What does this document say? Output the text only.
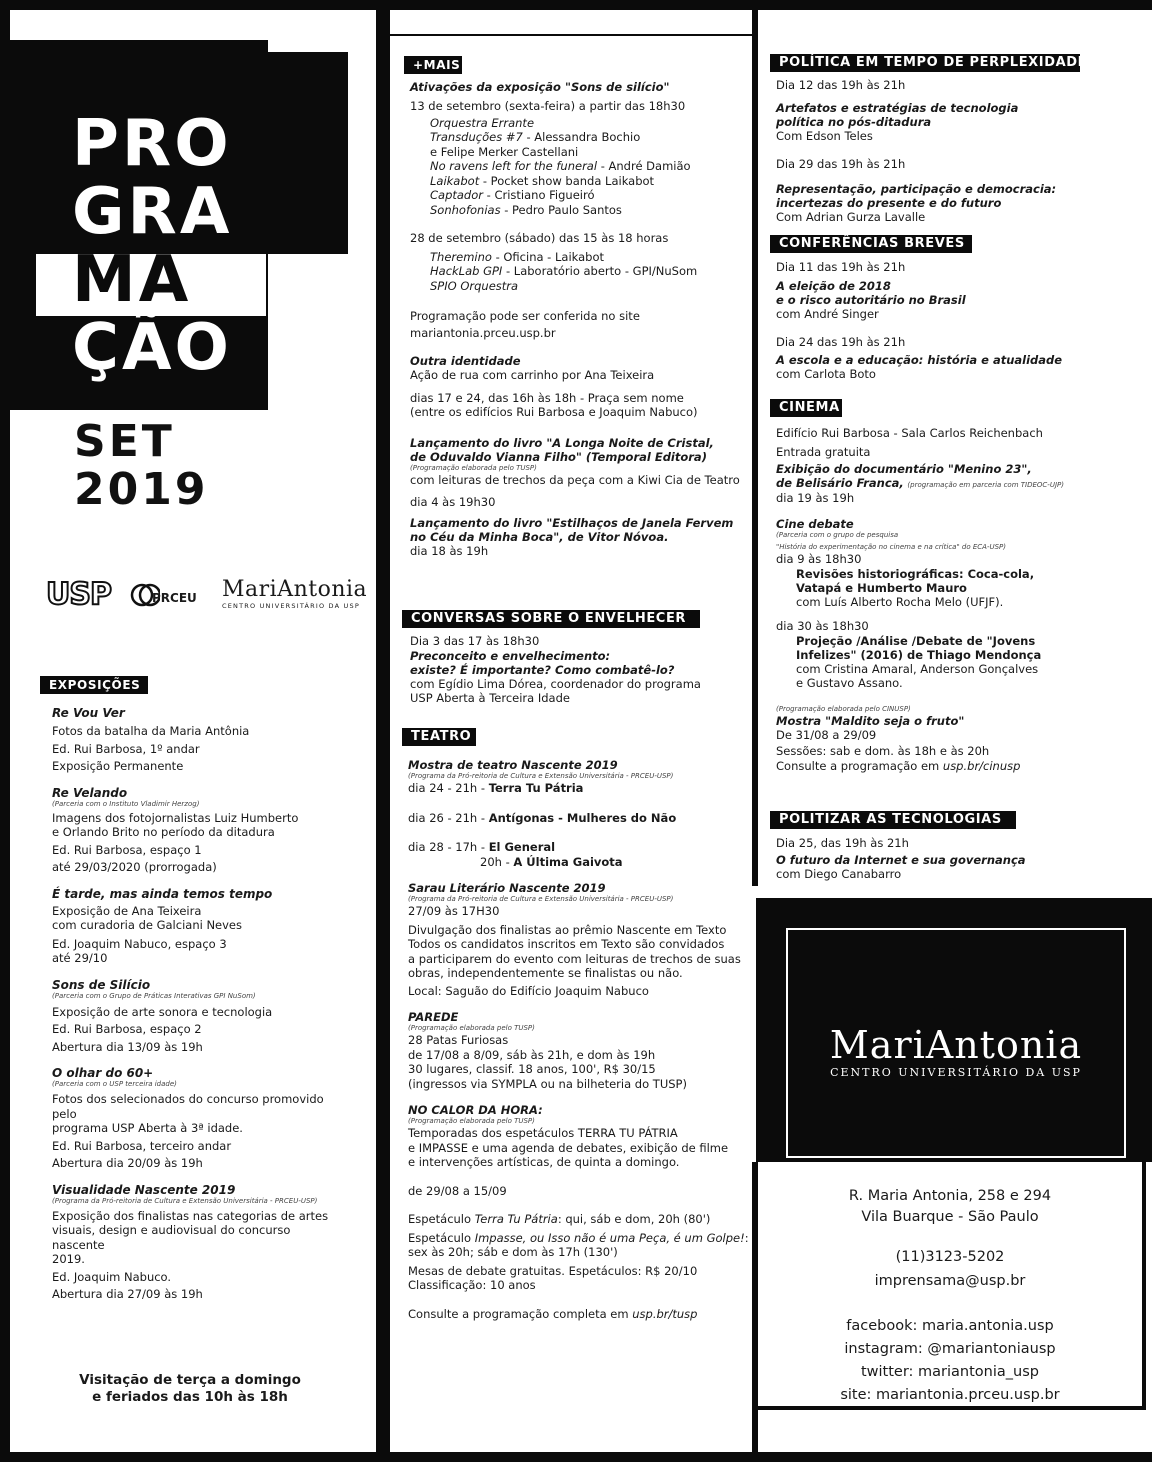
PRO
GRA
MA
ÇÃO
SET
2019
USP	PRCEU MariAntonia
CENTRO UNIVERSITÁRIO DA USP
EXPOSIÇÕES
Re Vou Ver
Fotos da batalha da Maria Antônia
Ed. Rui Barbosa, 1º andar
Exposição Permanente
Re Velando
(Parceria com o Instituto Vladimir Herzog)
Imagens dos fotojornalistas Luiz Humberto
e Orlando Brito no período da ditadura
Ed. Rui Barbosa, espaço 1
até 29/03/2020 (prorrogada)
É tarde, mas ainda temos tempo
Exposição de Ana Teixeira
com curadoria de Galciani Neves
Ed. Joaquim Nabuco, espaço 3
até 29/10
Sons de Silício
(Parceria com o Grupo de Práticas Interativas GPI NuSom)
Exposição de arte sonora e tecnologia
Ed. Rui Barbosa, espaço 2
Abertura dia 13/09 às 19h
O olhar do 60+
(Parceria com o USP terceira idade)
Fotos dos selecionados do concurso promovido pelo
programa USP Aberta à 3ª idade.
Ed. Rui Barbosa, terceiro andar
Abertura dia 20/09 às 19h
Visualidade Nascente 2019
(Programa da Pró-reitoria de Cultura e Extensão Universitária - PRCEU-USP)
Exposição dos finalistas nas categorias de artes
visuais, design e audiovisual do concurso nascente
2019.
Ed. Joaquim Nabuco.
Abertura dia 27/09 às 19h
Visitação de terça a domingo
e feriados das 10h às 18h
+MAIS
Ativações da exposição "Sons de silício"
13 de setembro (sexta-feira) a partir das 18h30
Orquestra Errante
Transduções #7 - Alessandra Bochio
e Felipe Merker Castellani
No ravens left for the funeral - André Damião
Laikabot - Pocket show banda Laikabot
Captador - Cristiano Figueiró
Sonhofonias - Pedro Paulo Santos
28 de setembro (sábado) das 15 às 18 horas
Theremino - Oficina - Laikabot
HackLab GPI - Laboratório aberto - GPI/NuSom
SPIO Orquestra
Programação pode ser conferida no site
mariantonia.prceu.usp.br
Outra identidade
Ação de rua com carrinho por Ana Teixeira
dias 17 e 24, das 16h às 18h - Praça sem nome
(entre os edifícios Rui Barbosa e Joaquim Nabuco)
Lançamento do livro "A Longa Noite de Cristal,
de Oduvaldo Vianna Filho" (Temporal Editora)
(Programação elaborada pelo TUSP)
com leituras de trechos da peça com a Kiwi Cia de Teatro
dia 4 às 19h30
Lançamento do livro "Estilhaços de Janela Fervem
no Céu da Minha Boca", de Vitor Nóvoa.
dia 18 às 19h
CONVERSAS SOBRE O ENVELHECER
Dia 3 das 17 às 18h30
Preconceito e envelhecimento:
existe? É importante? Como combatê-lo?
com Egídio Lima Dórea, coordenador do programa
USP Aberta à Terceira Idade
TEATRO
Mostra de teatro Nascente 2019
(Programa da Pró-reitoria de Cultura e Extensão Universitária - PRCEU-USP)
dia 24 - 21h - Terra Tu Pátria
dia 26 - 21h - Antígonas - Mulheres do Não
dia 28 - 17h - El General
20h - A Última Gaivota
Sarau Literário Nascente 2019
(Programa da Pró-reitoria de Cultura e Extensão Universitária - PRCEU-USP)
27/09 às 17H30
Divulgação dos finalistas ao prêmio Nascente em Texto
Todos os candidatos inscritos em Texto são convidados
a participarem do evento com leituras de trechos de suas
obras, independentemente se finalistas ou não.
Local: Saguão do Edifício Joaquim Nabuco
PAREDE
(Programação elaborada pelo TUSP)
28 Patas Furiosas
de 17/08 a 8/09, sáb às 21h, e dom às 19h
30 lugares, classif. 18 anos, 100', R$ 30/15
(ingressos via SYMPLA ou na bilheteria do TUSP)
NO CALOR DA HORA:
(Programação elaborada pelo TUSP)
Temporadas dos espetáculos TERRA TU PÁTRIA
e IMPASSE e uma agenda de debates, exibição de filme
e intervenções artísticas, de quinta a domingo.
de 29/08 a 15/09
Espetáculo Terra Tu Pátria: qui, sáb e dom, 20h (80')
Espetáculo Impasse, ou Isso não é uma Peça, é um Golpe!:
sex às 20h; sáb e dom às 17h (130')
Mesas de debate gratuitas. Espetáculos: R$ 20/10
Classificação: 10 anos
Consulte a programação completa em usp.br/tusp
POLÍTICA EM TEMPO DE PERPLEXIDADE
Dia 12 das 19h às 21h
Artefatos e estratégias de tecnologia
política no pós-ditadura
Com Edson Teles
Dia 29 das 19h às 21h
Representação, participação e democracia:
incertezas do presente e do futuro
Com Adrian Gurza Lavalle
CONFERÊNCIAS BREVES
Dia 11 das 19h às 21h
A eleição de 2018
e o risco autoritário no Brasil
com André Singer
Dia 24 das 19h às 21h
A escola e a educação: história e atualidade
com Carlota Boto
CINEMA
Edifício Rui Barbosa - Sala Carlos Reichenbach
Entrada gratuita
Exibição do documentário "Menino 23",
de Belisário Franca, (programação em parceria com TIDEOC-UJP)
dia 19 às 19h
Cine debate
(Parceria com o grupo de pesquisa
"História do experimentação no cinema e na crítica" do ECA-USP)
dia 9 às 18h30
Revisões historiográficas: Coca-cola,
Vatapá e Humberto Mauro
com Luís Alberto Rocha Melo (UFJF).
dia 30 às 18h30
Projeção /Análise /Debate de "Jovens
Infelizes" (2016) de Thiago Mendonça
com Cristina Amaral, Anderson Gonçalves
e Gustavo Assano.
(Programação elaborada pelo CINUSP)
Mostra "Maldito seja o fruto"
De 31/08 a 29/09
Sessões: sab e dom. às 18h e às 20h
Consulte a programação em usp.br/cinusp
POLITIZAR AS TECNOLOGIAS
Dia 25, das 19h às 21h
O futuro da Internet e sua governança
com Diego Canabarro
MariAntonia
CENTRO UNIVERSITÁRIO DA USP
R. Maria Antonia, 258 e 294
Vila Buarque - São Paulo
(11)3123-5202
imprensama@usp.br
facebook: maria.antonia.usp
instagram: @mariantoniausp
twitter: mariantonia_usp
site: mariantonia.prceu.usp.br
